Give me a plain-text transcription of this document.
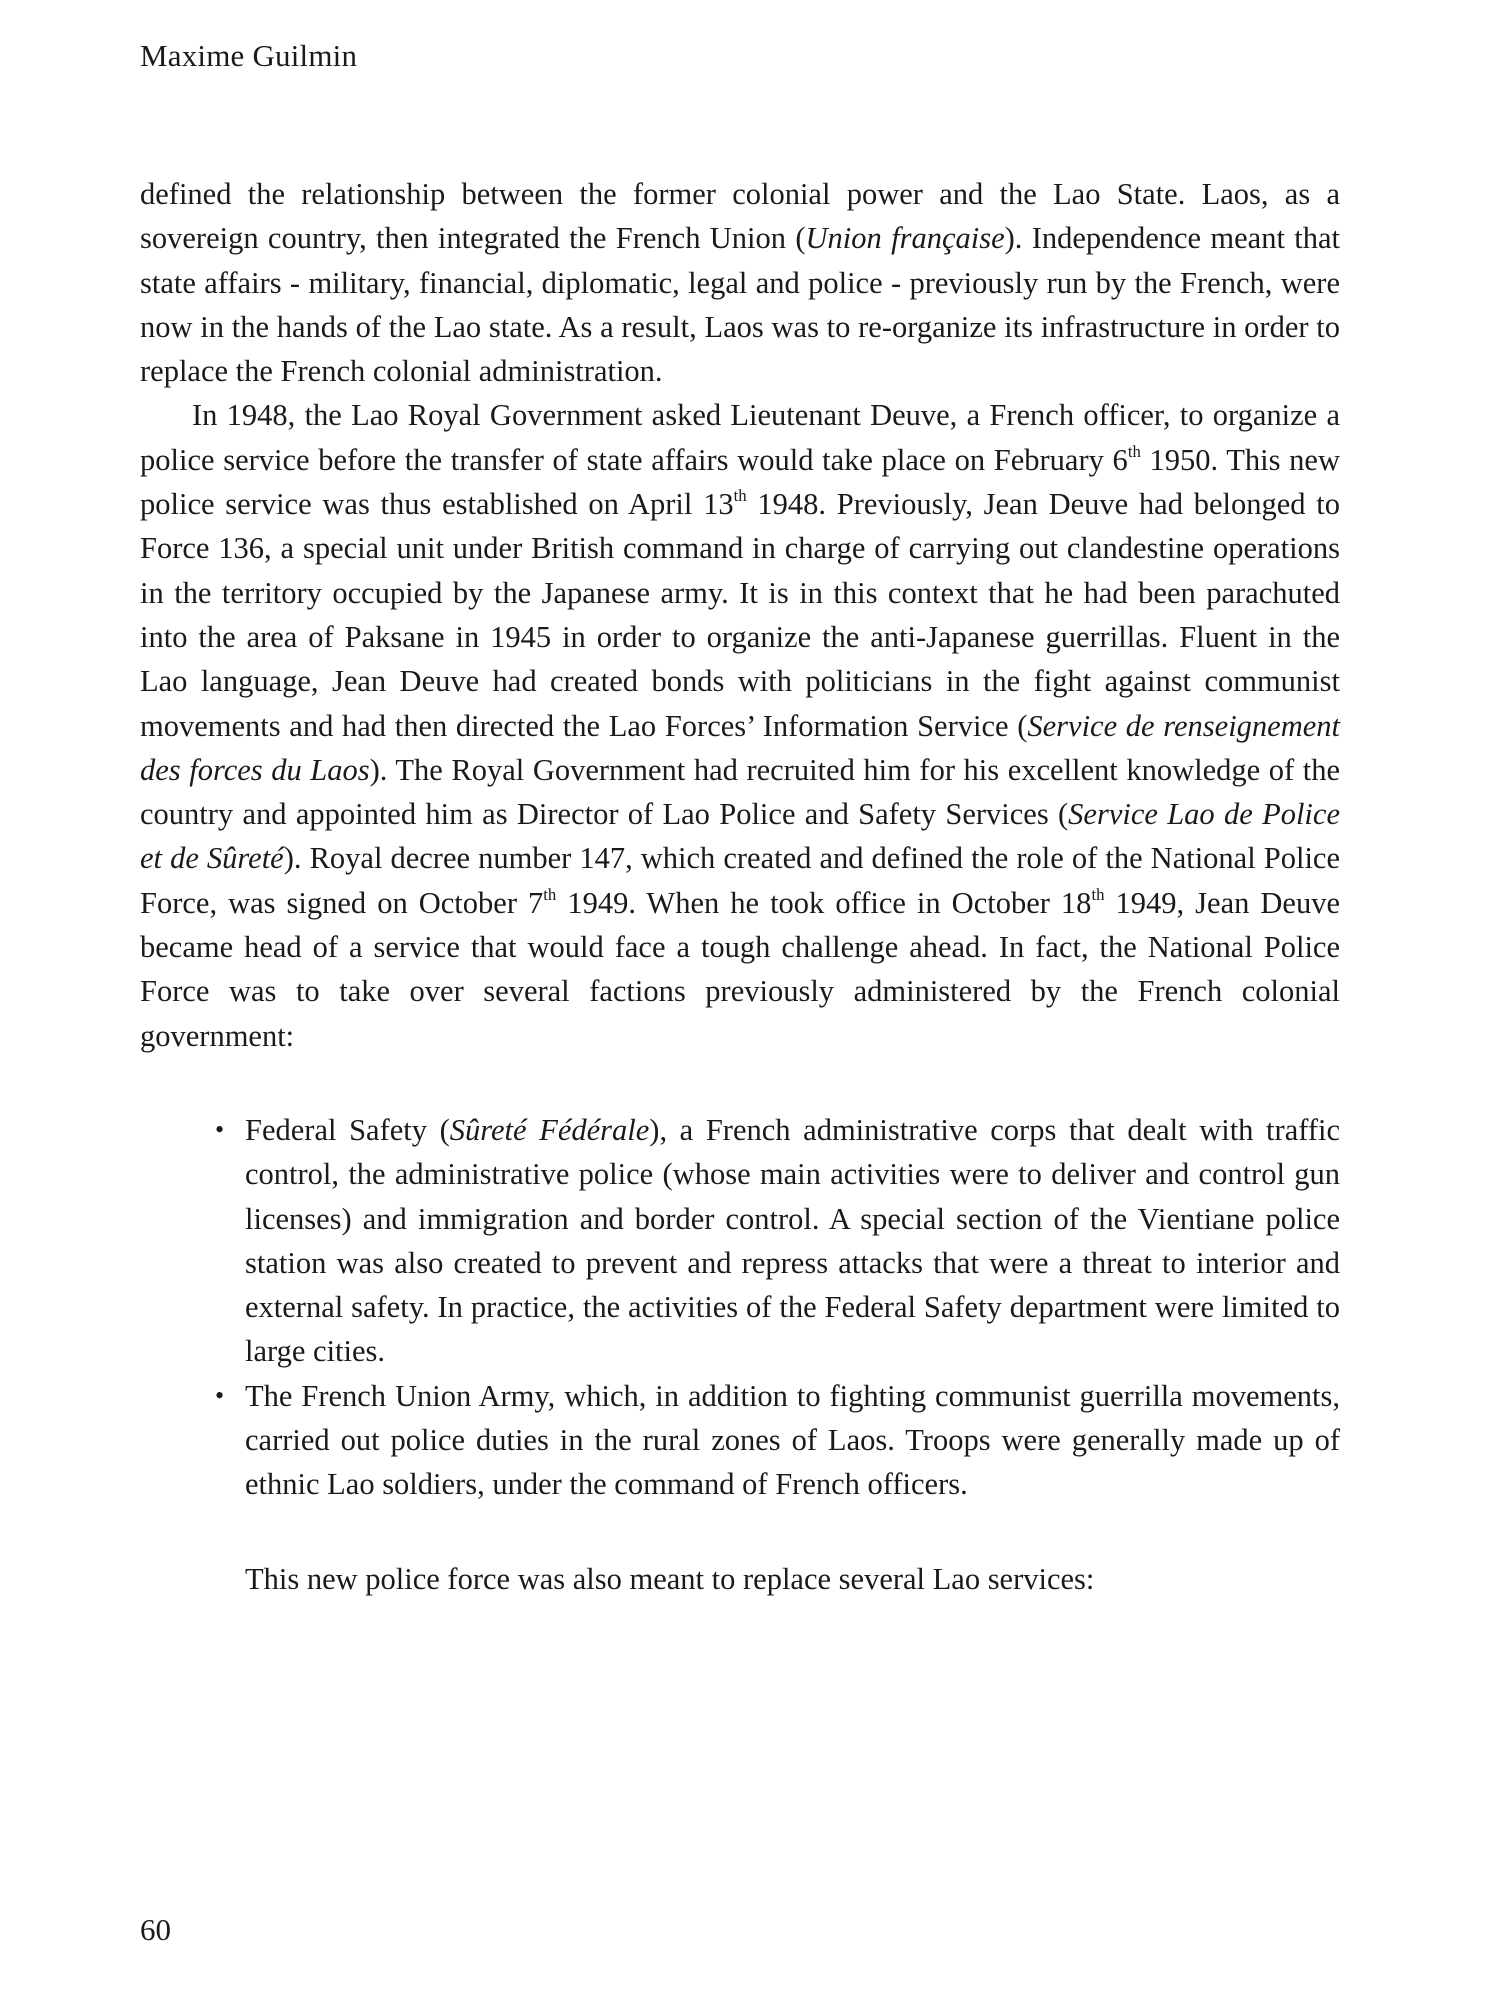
Maxime Guilmin

defined the relationship between the former colonial power and the Lao State. Laos, as a sovereign country, then integrated the French Union (Union française). Independence meant that state affairs - military, financial, diplomatic, legal and police - previously run by the French, were now in the hands of the Lao state. As a result, Laos was to re-organize its infrastructure in order to replace the French colonial administration.

In 1948, the Lao Royal Government asked Lieutenant Deuve, a French officer, to organize a police service before the transfer of state affairs would take place on February 6th 1950. This new police service was thus established on April 13th 1948. Previously, Jean Deuve had belonged to Force 136, a special unit under British command in charge of carrying out clandestine operations in the territory occupied by the Japanese army. It is in this context that he had been parachuted into the area of Paksane in 1945 in order to organize the anti-Japanese guerrillas. Fluent in the Lao language, Jean Deuve had created bonds with politicians in the fight against communist movements and had then directed the Lao Forces’ Information Service (Service de renseignement des forces du Laos). The Royal Government had recruited him for his excellent knowledge of the country and appointed him as Director of Lao Police and Safety Services (Service Lao de Police et de Sûreté). Royal decree number 147, which created and defined the role of the National Police Force, was signed on October 7th 1949. When he took office in October 18th 1949, Jean Deuve became head of a service that would face a tough challenge ahead. In fact, the National Police Force was to take over several factions previously administered by the French colonial government:

• Federal Safety (Sûreté Fédérale), a French administrative corps that dealt with traffic control, the administrative police (whose main activities were to deliver and control gun licenses) and immigration and border control. A special section of the Vientiane police station was also created to prevent and repress attacks that were a threat to interior and external safety. In practice, the activities of the Federal Safety department were limited to large cities.
• The French Union Army, which, in addition to fighting communist guerrilla movements, carried out police duties in the rural zones of Laos. Troops were generally made up of ethnic Lao soldiers, under the command of French officers.

This new police force was also meant to replace several Lao services:

60
